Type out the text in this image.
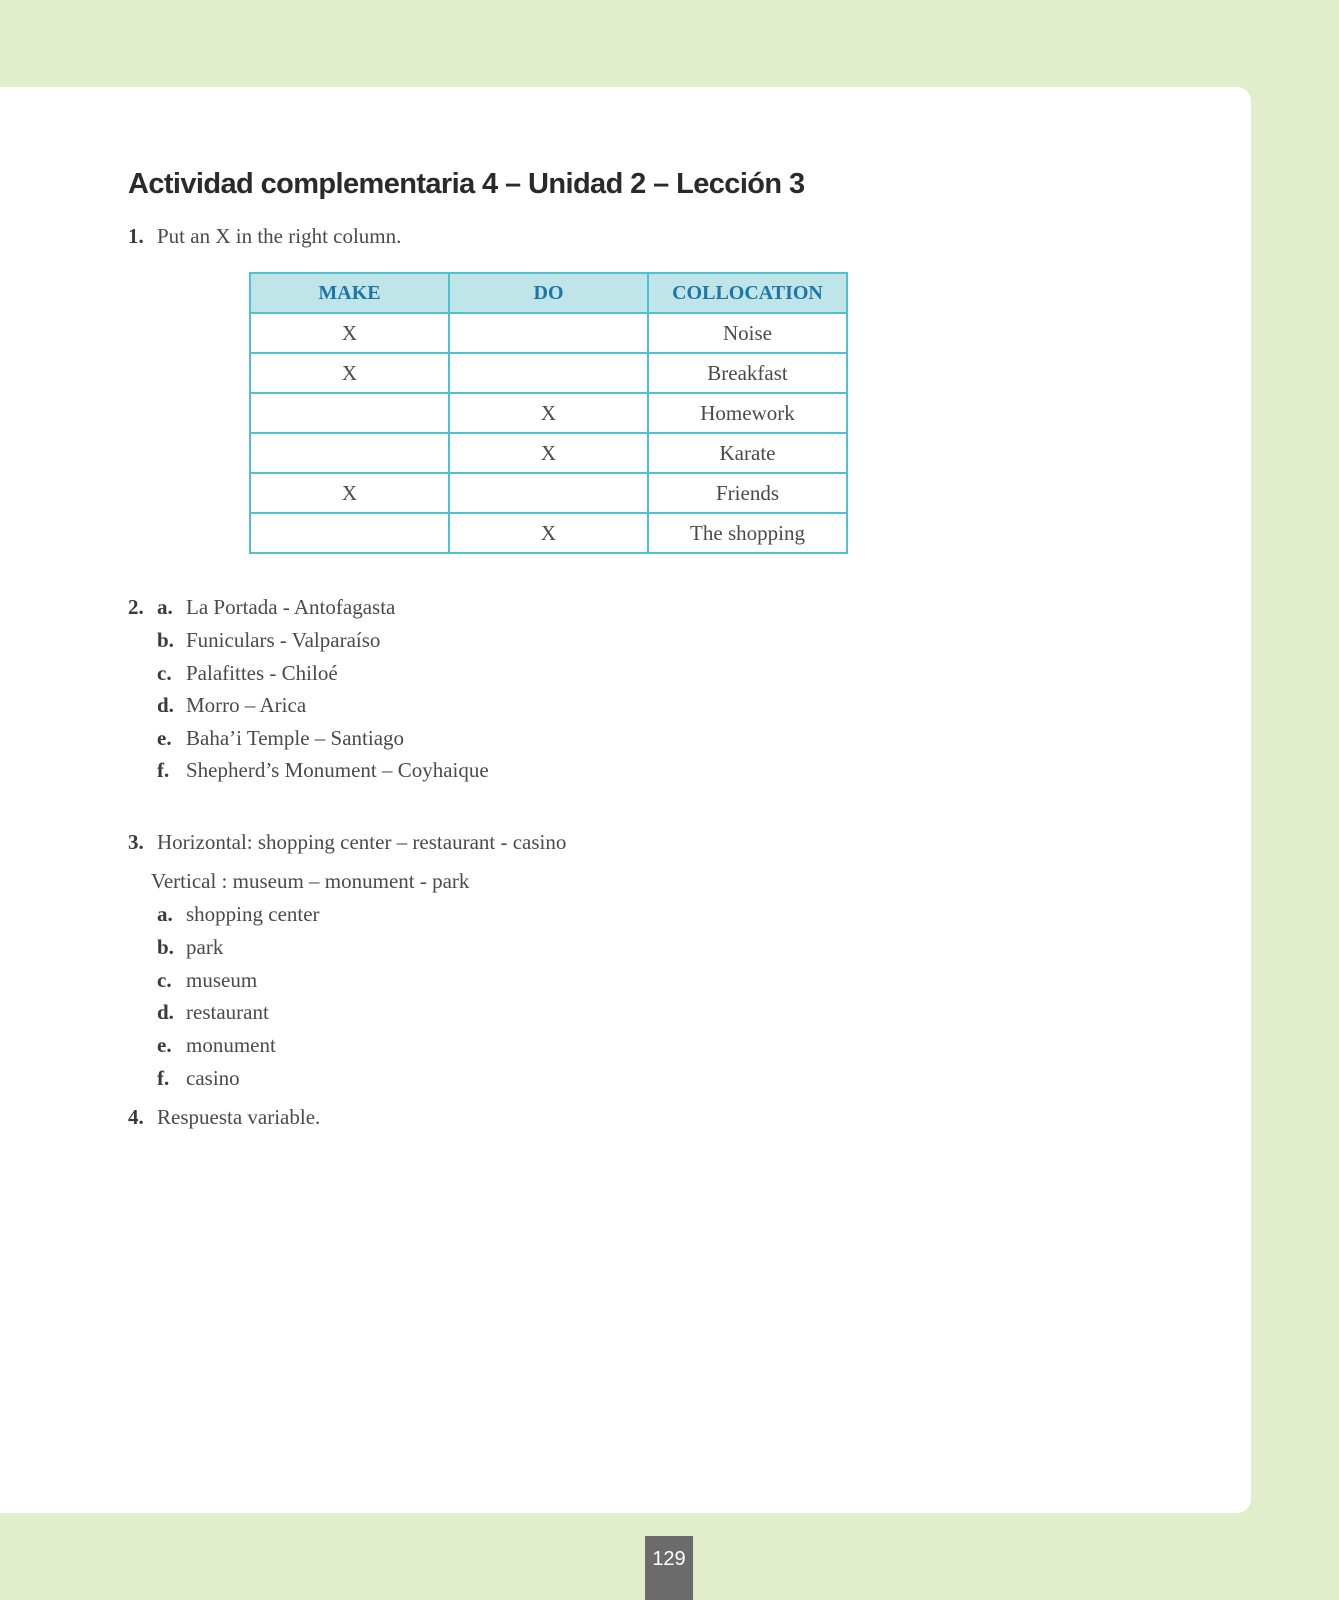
Actividad complementaria 4 – Unidad 2 – Lección 3
1. Put an X in the right column.
MAKE	DO	COLLOCATION
X		Noise
X		Breakfast
	X	Homework
	X	Karate
X		Friends
	X	The shopping
2. a. La Portada - Antofagasta
b. Funiculars - Valparaíso
c. Palafittes - Chiloé
d. Morro – Arica
e. Baha’i Temple – Santiago
f. Shepherd’s Monument – Coyhaique
3. Horizontal: shopping center – restaurant - casino
Vertical : museum – monument - park
a. shopping center
b. park
c. museum
d. restaurant
e. monument
f. casino
4. Respuesta variable.
129
